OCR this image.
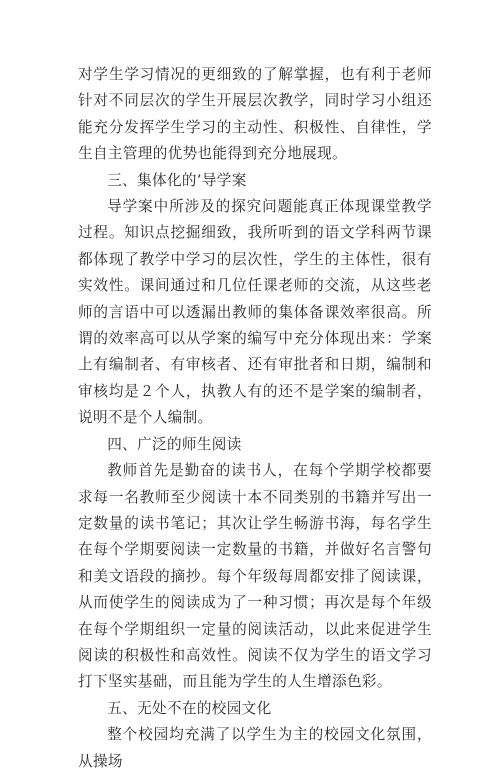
对学生学习情况的更细致的了解掌握，也有利于老师针对不同层次的学生开展层次教学，同时学习小组还能充分发挥学生学习的主动性、积极性、自律性，学生自主管理的优势也能得到充分地展现。

三、集体化的’导学案

导学案中所涉及的探究问题能真正体现课堂教学过程。知识点挖掘细致，我所听到的语文学科两节课都体现了教学中学习的层次性，学生的主体性，很有实效性。课间通过和几位任课老师的交流，从这些老师的言语中可以透漏出教师的集体备课效率很高。所谓的效率高可以从学案的编写中充分体现出来：学案上有编制者、有审核者、还有审批者和日期，编制和审核均是２个人，执教人有的还不是学案的编制者，说明不是个人编制。

四、广泛的师生阅读

教师首先是勤奋的读书人，在每个学期学校都要求每一名教师至少阅读十本不同类别的书籍并写出一定数量的读书笔记；其次让学生畅游书海，每名学生在每个学期要阅读一定数量的书籍，并做好名言警句和美文语段的摘抄。每个年级每周都安排了阅读课，从而使学生的阅读成为了一种习惯；再次是每个年级在每个学期组织一定量的阅读活动，以此来促进学生阅读的积极性和高效性。阅读不仅为学生的语文学习打下坚实基础，而且能为学生的人生增添色彩。

五、无处不在的校园文化

整个校园均充满了以学生为主的校园文化氛围，从操场
